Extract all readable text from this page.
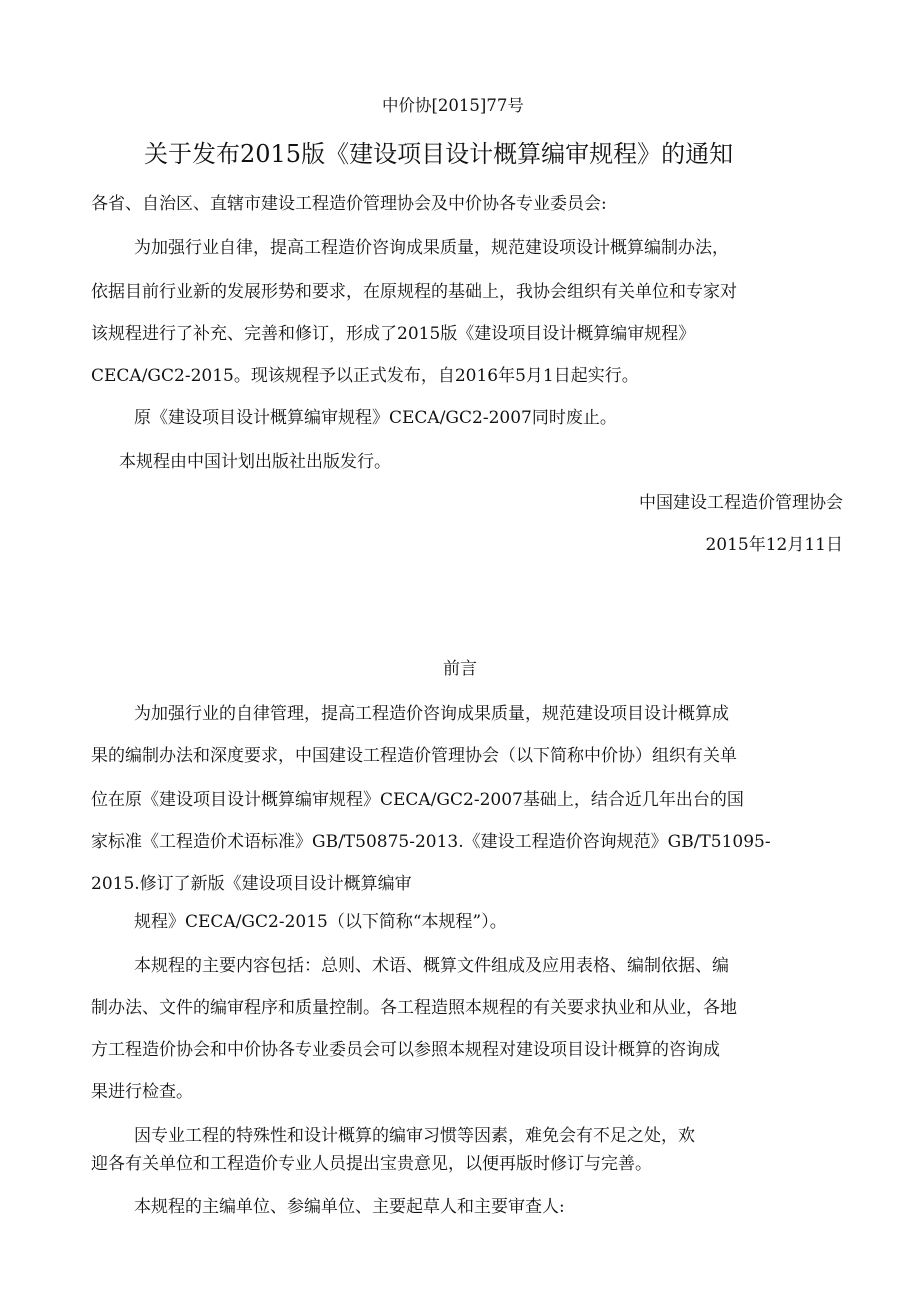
中价协[2015]77号
关于发布2015版《建设项目设计概算编审规程》的通知
各省、自治区、直辖市建设工程造价管理协会及中价协各专业委员会:
为加强行业自律，提高工程造价咨询成果质量，规范建设项设计概算编制办法，
依据目前行业新的发展形势和要求，在原规程的基础上，我协会组织有关单位和专家对
该规程进行了补充、完善和修订，形成了2015版《建设项目设计概算编审规程》
CECA/GC2-2015。现该规程予以正式发布，自2016年5月1日起实行。
原《建设项目设计概算编审规程》CECA/GC2-2007同时废止。
本规程由中国计划出版社出版发行。
中国建设工程造价管理协会
2015年12月11日
前言
为加强行业的自律管理，提高工程造价咨询成果质量，规范建设项目设计概算成
果的编制办法和深度要求，中国建设工程造价管理协会（以下简称中价协）组织有关单
位在原《建设项目设计概算编审规程》CECA/GC2-2007基础上，结合近几年出台的国
家标准《工程造价术语标准》GB/T50875-2013.《建设工程造价咨询规范》GB/T51095-
2015.修订了新版《建设项目设计概算编审
规程》CECA/GC2-2015（以下简称“本规程”）。
本规程的主要内容包括：总则、术语、概算文件组成及应用表格、编制依据、编
制办法、文件的编审程序和质量控制。各工程造照本规程的有关要求执业和从业，各地
方工程造价协会和中价协各专业委员会可以参照本规程对建设项目设计概算的咨询成
果进行检查。
因专业工程的特殊性和设计概算的编审习惯等因素，难免会有不足之处，欢
迎各有关单位和工程造价专业人员提出宝贵意见，以便再版时修订与完善。
本规程的主编单位、参编单位、主要起草人和主要审查人:
